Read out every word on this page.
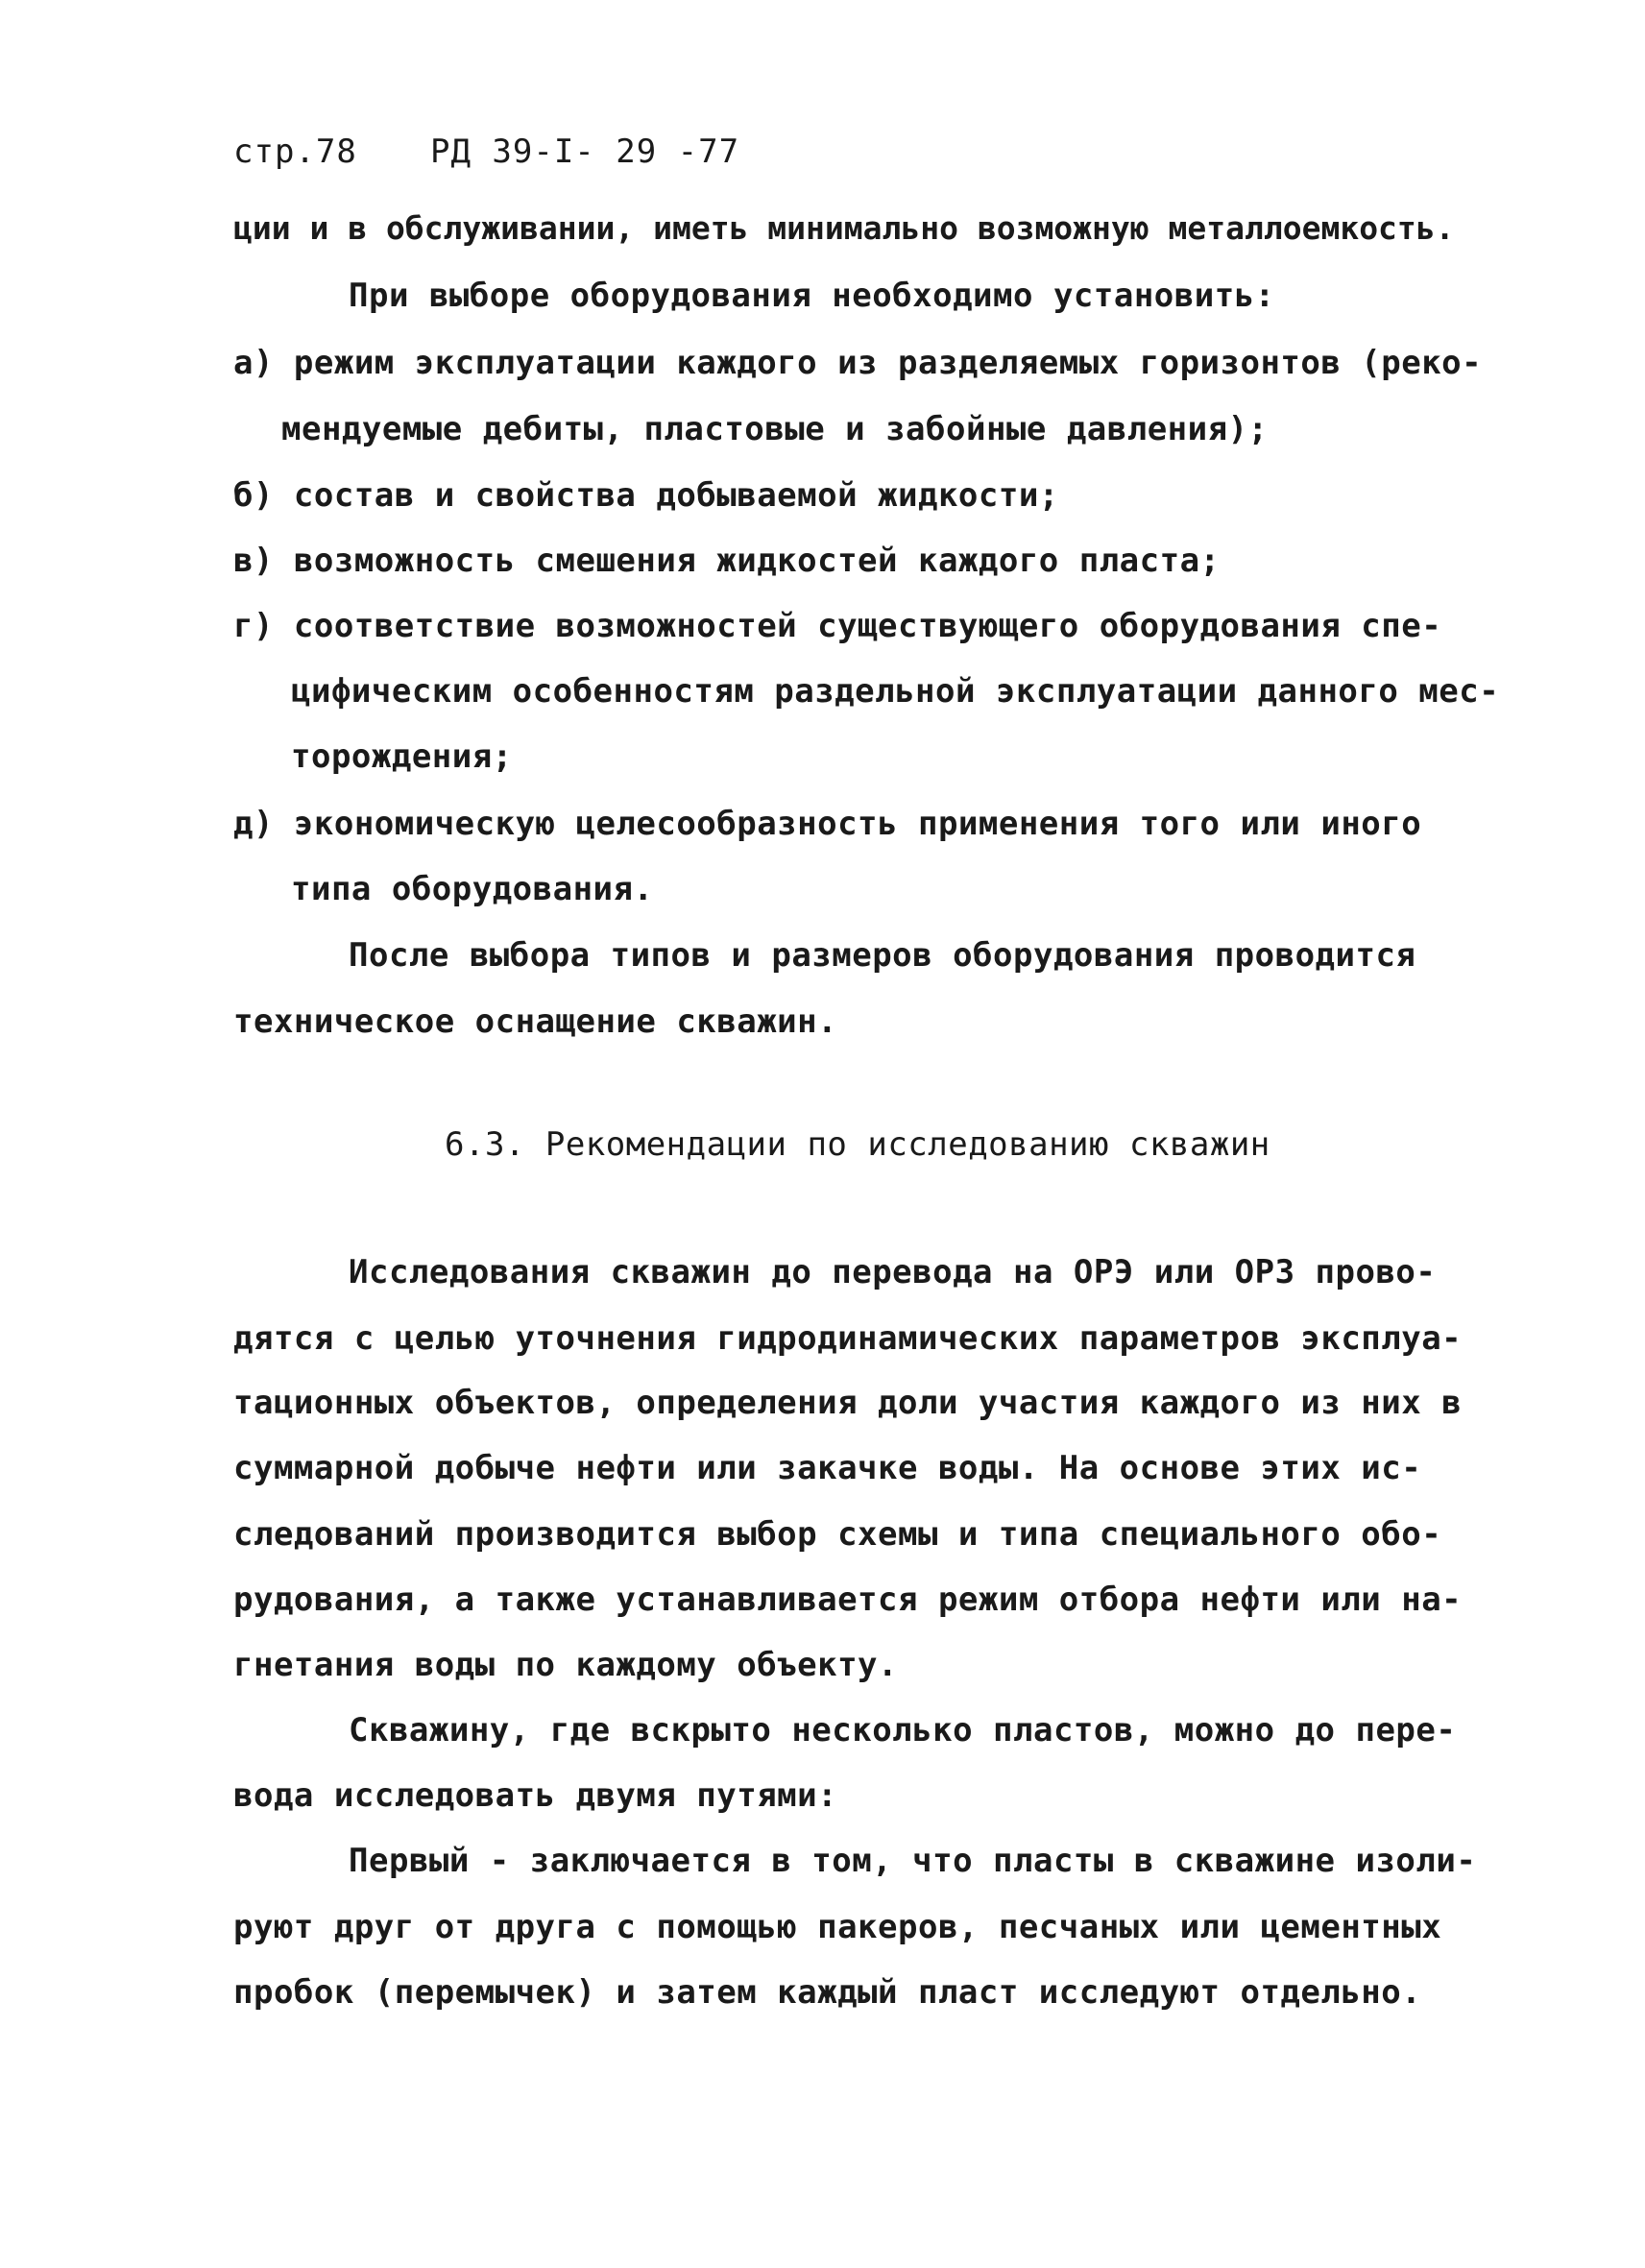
стр.78 РД 39-I- 29 -77
ции и в обслуживании, иметь минимально возможную металлоемкость.
При выборе оборудования необходимо установить:
а) режим эксплуатации каждого из разделяемых горизонтов (реко-
мендуемые дебиты, пластовые и забойные давления);
б) состав и свойства добываемой жидкости;
в) возможность смешения жидкостей каждого пласта;
г) соответствие возможностей существующего оборудования спе-
цифическим особенностям раздельной эксплуатации данного мес-
торождения;
д) экономическую целесообразность применения того или иного
типа оборудования.
После выбора типов и размеров оборудования проводится
техническое оснащение скважин.
6.3. Рекомендации по исследованию скважин
Исследования скважин до перевода на ОРЭ или ОРЗ прово-
дятся с целью уточнения гидродинамических параметров эксплуа-
тационных объектов, определения доли участия каждого из них в
суммарной добыче нефти или закачке воды. На основе этих ис-
следований производится выбор схемы и типа специального обо-
рудования, а также устанавливается режим отбора нефти или на-
гнетания воды по каждому объекту.
Скважину, где вскрыто несколько пластов, можно до пере-
вода исследовать двумя путями:
Первый - заключается в том, что пласты в скважине изоли-
руют друг от друга с помощью пакеров, песчаных или цементных
пробок (перемычек) и затем каждый пласт исследуют отдельно.
